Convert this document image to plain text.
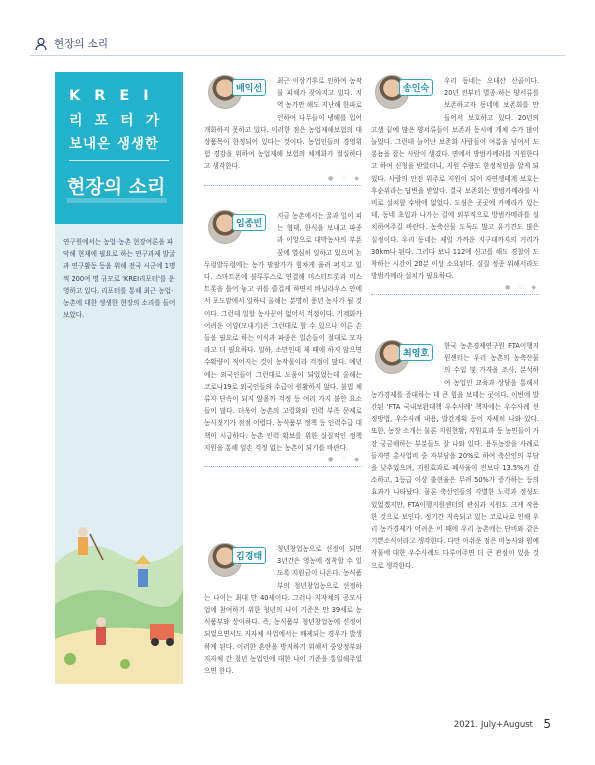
현장의 소리
KREI
리포터가
보내온 생생한
현장의 소리
연구원에서는 농업·농촌 현장여론을 파악해 현재에 필요로 하는 연구과제 발굴과 연구활동 등을 위해 전국 시군에 1명씩 200여 명 규모로 'KREI리포터'를 운영하고 있다. 리포터를 통해 최근 농업·농촌에 대한 생생한 현장의 소리를 들어보았다.
배익선
최근 이상기후로 인하여 농작물 피해가 잦아지고 있다. 지역 농가만 해도 지난해 한파로 인하여 나무들이 냉해를 입어 개화하지 못하고 있다. 이러한 점은 농업재해보험의 대상품목이 한정되어 있다는 것이다. 농업인들의 경영위험 경감을 위하여 농업재해 보험의 체계화가 절실하다고 생각한다.
● ♡ ◆
임종빈
지금 농촌에서는 꿀과 잎이 피는 형태, 한식을 보내고 파종과 이앙으로 대박농사의 부푼 꿈에 열심히 일하고 있으며 논두렁밭두렁에는 농가 팔팔가가 힘차게 울려 퍼지고 있다. 스마트폰에 블루투스로 연결해 미스터트롯과 미스트롯을 틀어 놓고 귀를 즐겁게 하면서 바닐라우스 안에서 포도밭에서 일하니 올해는 분명히 풍년 농사가 될 것이다. 그런데 일할 농사꾼이 없어서 걱정이다. 기계화가 어려운 이앙(모내기)은 그런대로 할 수 있으나 이른 손들을 필요로 하는 이식과 파종은 일손들이 절대로 모자라고 더 필요하다. 일하, 소만인데 제 때에 하지 않으면 수확량이 적어지는 것이 농작물이라 걱정이 많다. 예년 에는 외국인들이 그런대로 도움이 되었었는데 올해는 코로나19로 외국인들의 수급이 원활하지 않다. 불법 체류자 단속이 되지 않을까 걱정 등 여러 가지 불안 요소들이 많다. 더욱이 농촌의 고령화와 인력 부족 문제로 농사짓기가 점점 어렵다. 농식품부 정책 등 인력수급 대책이 시급하다. 농촌 인력 확보를 위한 실질적인 정책 지원을 통해 일손 걱정 없는 농촌이 되기를 바란다.
● ♡ ◆
김경태
청년창업농으로 선정이 되면 3년간은 영농에 정착할 수 있도록 지원금이 나온다. 농식품부의 청년창업농으로 선정하는 나이는 최대 만 40세이다. 그러나 지자체의 공모사업에 참여하기 위한 청년의 나이 기준은 만 39세로 농식품부와 상이하다. 즉, 농식품부 청년창업농에 선정이 되었으면서도 지자체 사업에서는 배제되는 경우가 발생하게 된다. 이러한 혼란을 방지하기 위해서 중앙정부와 지자체 간 청년 농업인에 대한 나이 기준을 통일해주었으면 한다.
송인숙
우리 동네는 오대산 산골이다. 20년 전부터 멸종 하는 양서류를 보존하고자 동네에 보존회를 만들어서 보호하고 있다. 20년의 고생 끝에 많은 양서류들이 보존과 동시에 개체 수가 많이 늘었다. 그런데 늘어난 보존회 사람들이 여름을 넘어서 도롱뇽을 잡는 사람이 생겼다. 면에서 방범카메라를 지원한다고 하여 신청을 받았더니, 지원 수량도 한정적임을 알게 되었다. 사람의 안전 위주로 지원이 되어 자연생태계 보호는 후순위라는 답변을 받았다. 결국 보존회는 방범카메라를 사비로 설치할 수밖에 없었다. 도심은 곳곳에 카메라가 있는데, 동네 초입과 나가는 길에 외부적으로 방범카메라를 설치하여주길 바란다. 농축산물 도둑도 많고 유기견도 많은 실정이다. 우리 동네는 제일 가까운 지구대까지의 거리가 30km나 된다. 그러다 보니 112에 신고를 해도 경찰이 도착하는 시간이 20분 이상 소요된다. 실질 정종 위해서라도 방범카메라 설치가 필요하다.
● ♡ ◆
최영호
한국 농촌경제연구원 FTA이행지원센터는 우리 농촌의 농축산물의 수입 및 가격을 조사, 분석하여 농업인 교육과 상담을 통해서 농가경제를 증대하는 데 큰 힘을 보태는 곳이다. 이번에 발간된 'FTA 국내보완대책 우수사례' 책자에는 우수사례 선정방법, 우수사례 내용, 발간계획 등이 자세히 나와 있다. 또한, 농장 소개는 물론 지원현황, 지원효과 등 농민들이 가장 궁금해하는 부분들도 잘 나와 있다. 용두농장을 사례로 들자면 총사업비 중 자부담을 20%로 하여 축산인의 부담을 낮추었으며, 지원효과로 폐사율이 전보다 13.5%가 감소하고, 1등급 이상 출현율은 무려 50%가 증가하는 등의 효과가 나타났다. 물론 축산인들의 각별한 노력과 정성도 있었겠지만, FTA이행지원센터의 관심과 지원도 크게 작용한 것으로 보인다. 정기간 지속되고 있는 코로나로 인해 우리 농가경제가 어려운 이 때에 우리 농촌에는 단비와 같은 기쁜소식이라고 생각한다. 다만 아쉬운 점은 비농사와 원예작물에 대한 우수사례도 다루어주면 더 큰 관심이 있을 것으로 생각한다.
2021. July+August 5
